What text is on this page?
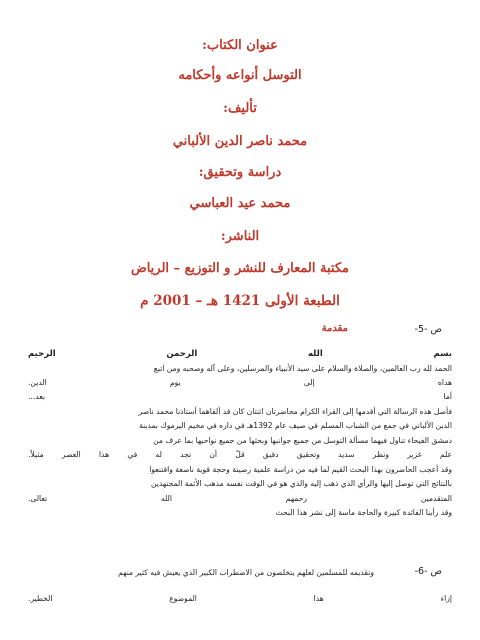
عنوان الكتاب:
التوسل أنواعه وأحكامه
تأليف:
محمد ناصر الدين الألباني
دراسة وتحقيق:
محمد عيد العباسي
الناشر:
مكتبة المعارف للنشر و التوزيع – الرياض
الطبعة الأولى 1421 هـ – 2001 م
ص -5-
مقدمة
بسم
الله
الرحمن
الرحيم
الحمد لله رب العالمين، والصلاة والسلام على سيد الأنبياء والمرسلين، وعلى آله وصحبه ومن اتبع
هداه
إلى
يوم
الدين.
أما
بعد...
فأصل هذه الرسالة التي أقدمها إلى القراء الكرام محاضرتان اثنتان كان قد ألقاهما أستاذنا محمد ناصر
الدين الألباني في جمع من الشباب المسلم في صيف عام 1392هـ في داره في مخيم اليرموك بمدينة
دمشق الفيحاء تناول فيهما مسألة التوسل من جميع جوانبها وبحثها من جميع نواحيها بما عرف من
علم
غزير
ونظر
سديد
وتحقيق
دقيق
قلّ
أن
تجد
له
في
هذا
العصر
مثيلاً.
وقد أعجب الحاضرون بهذا البحث القيم لما فيه من دراسة علمية رصينة وحجة قوية ناصعة واقتنعوا
بالنتائج التي توصل إليها والرأي الذي ذهب إليه والذي هو في الوقت نفسه مذهب الأئمة المجتهدين
المتقدمين
رحمهم
الله
تعالى.
وقد رأينا الفائدة كبيرة والحاجة ماسة إلى نشر هذا البحث
ص -6-
وتقديمه للمسلمين لعلهم يتخلصون من الاضطراب الكبير الذي يعيش فيه كثير منهم
إزاء
هذا
الموضوع
الخطير.
